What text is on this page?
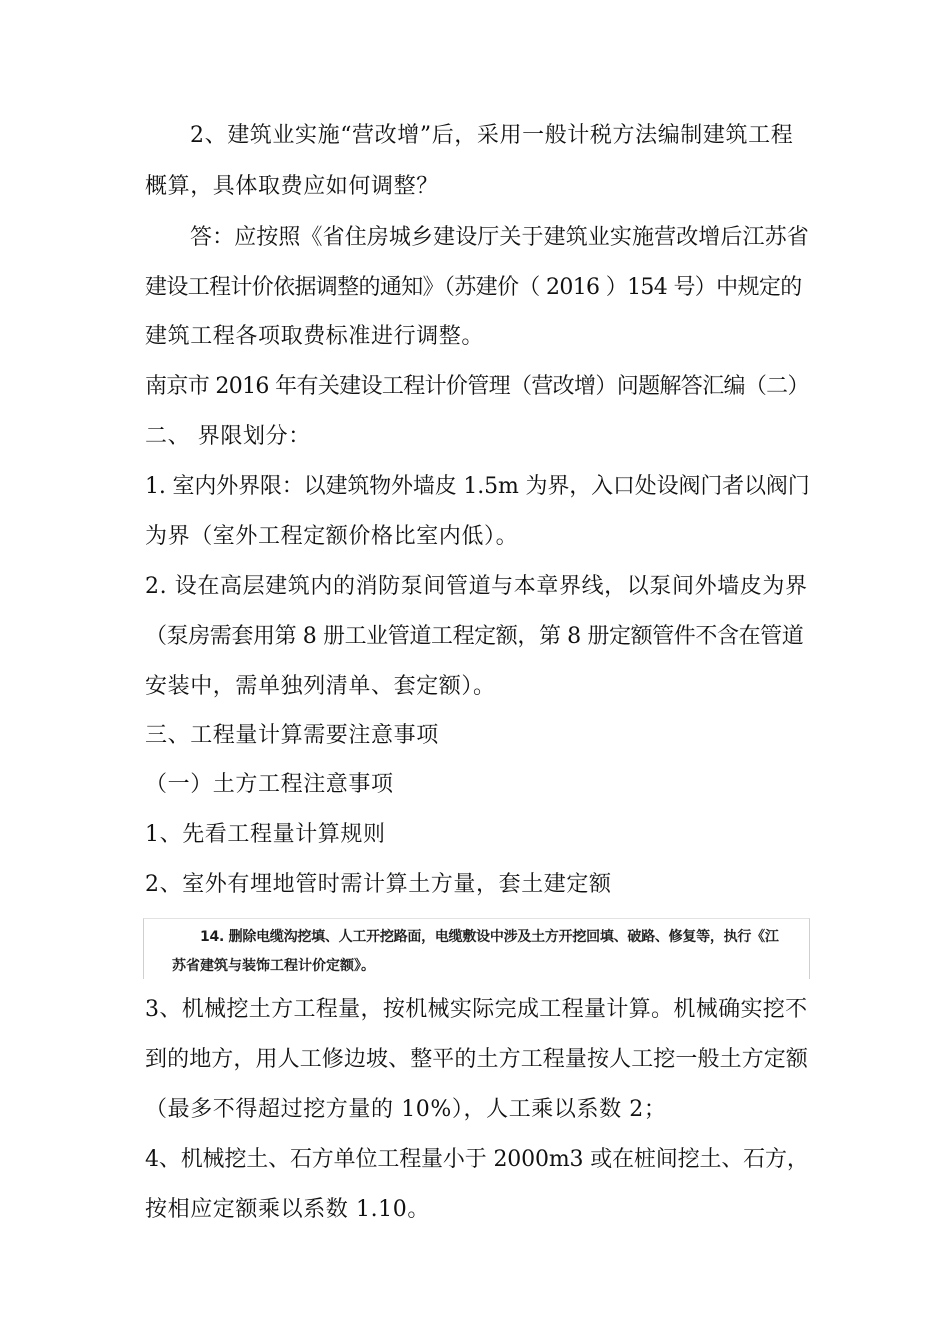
2、建筑业实施“营改增”后，采用一般计税方法编制建筑工程
概算，具体取费应如何调整？
答：应按照《省住房城乡建设厅关于建筑业实施营改增后江苏省
建设工程计价依据调整的通知》（苏建价（ 2016 ）154 号）中规定的
建筑工程各项取费标准进行调整。
南京市 2016 年有关建设工程计价管理（营改增）问题解答汇编（二）
二、 界限划分：
1. 室内外界限：以建筑物外墙皮 1.5m 为界，入口处设阀门者以阀门
为界（室外工程定额价格比室内低）。
2. 设在高层建筑内的消防泵间管道与本章界线，以泵间外墙皮为界
（泵房需套用第 8 册工业管道工程定额，第 8 册定额管件不含在管道
安装中，需单独列清单、套定额）。
三、工程量计算需要注意事项
（一）土方工程注意事项
1、先看工程量计算规则
2、室外有埋地管时需计算土方量，套土建定额
14. 删除电缆沟挖填、人工开挖路面，电缆敷设中涉及土方开挖回填、破路、修复等，执行《江
苏省建筑与装饰工程计价定额》。
3、机械挖土方工程量，按机械实际完成工程量计算。机械确实挖不
到的地方，用人工修边坡、整平的土方工程量按人工挖一般土方定额
（最多不得超过挖方量的 10%），人工乘以系数 2；
4、机械挖土、石方单位工程量小于 2000m3 或在桩间挖土、石方，
按相应定额乘以系数 1.10。
